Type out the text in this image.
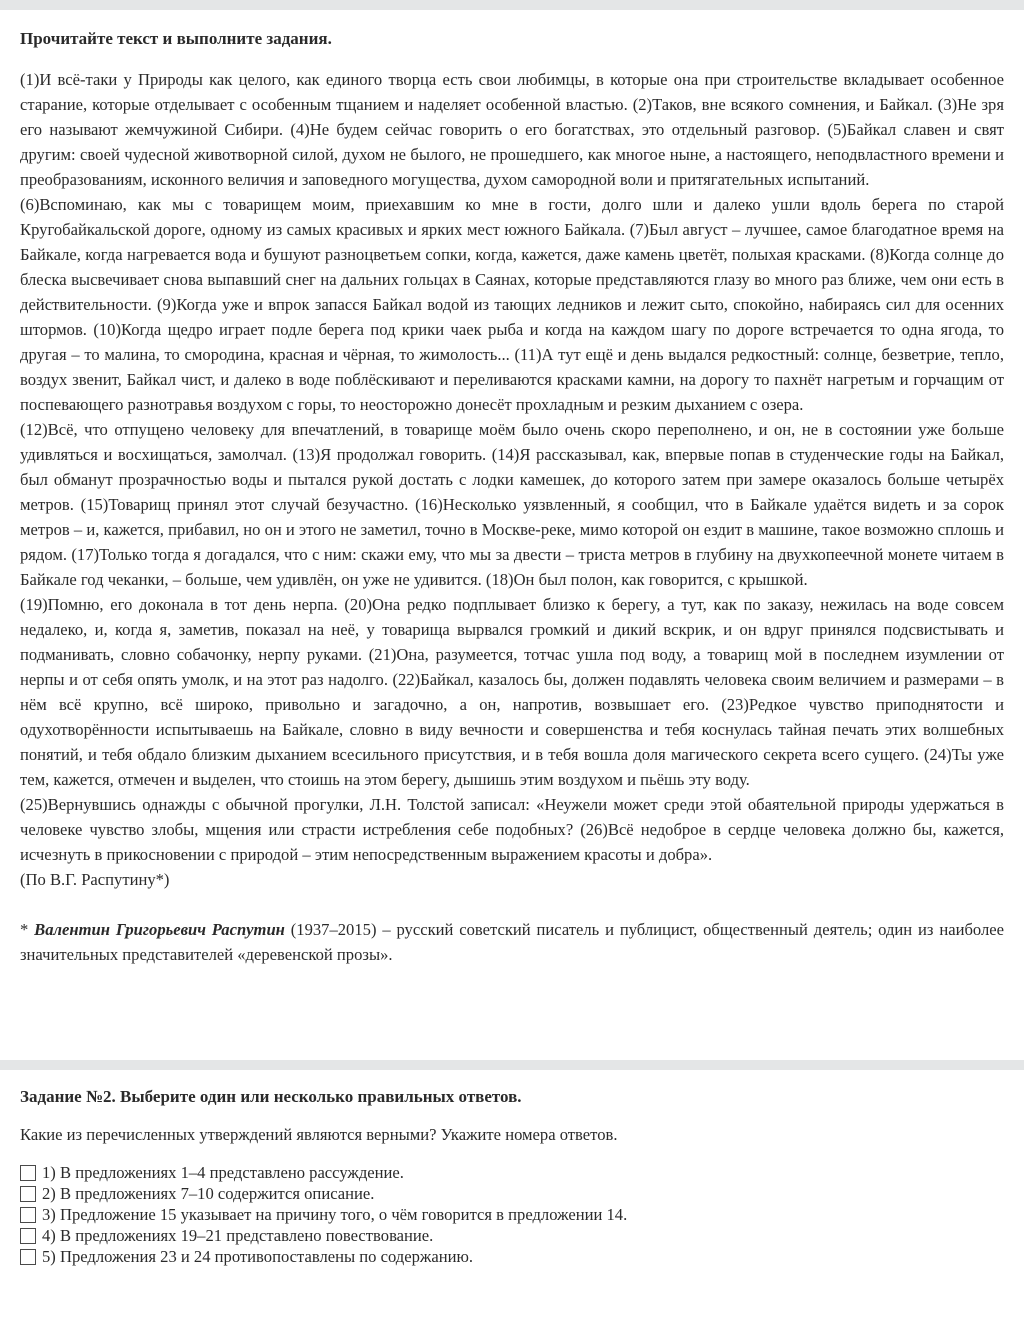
Прочитайте текст и выполните задания.

(1)И всё-таки у Природы как целого, как единого творца есть свои любимцы, в которые она при строительстве вкладывает особенное старание, которые отделывает с особенным тщанием и наделяет особенной властью. (2)Таков, вне всякого сомнения, и Байкал. (3)Не зря его называют жемчужиной Сибири. (4)Не будем сейчас говорить о его богатствах, это отдельный разговор. (5)Байкал славен и свят другим: своей чудесной животворной силой, духом не былого, не прошедшего, как многое ныне, а настоящего, неподвластного времени и преобразованиям, исконного величия и заповедного могущества, духом самородной воли и притягательных испытаний.

(6)Вспоминаю, как мы с товарищем моим, приехавшим ко мне в гости, долго шли и далеко ушли вдоль берега по старой Кругобайкальской дороге, одному из самых красивых и ярких мест южного Байкала. (7)Был август – лучшее, самое благодатное время на Байкале, когда нагревается вода и бушуют разноцветьем сопки, когда, кажется, даже камень цветёт, полыхая красками. (8)Когда солнце до блеска высвечивает снова выпавший снег на дальних гольцах в Саянах, которые представляются глазу во много раз ближе, чем они есть в действительности. (9)Когда уже и впрок запасся Байкал водой из тающих ледников и лежит сыто, спокойно, набираясь сил для осенних штормов. (10)Когда щедро играет подле берега под крики чаек рыба и когда на каждом шагу по дороге встречается то одна ягода, то другая – то малина, то смородина, красная и чёрная, то жимолость... (11)А тут ещё и день выдался редкостный: солнце, безветрие, тепло, воздух звенит, Байкал чист, и далеко в воде поблёскивают и переливаются красками камни, на дорогу то пахнёт нагретым и горчащим от поспевающего разнотравья воздухом с горы, то неосторожно донесёт прохладным и резким дыханием с озера.

(12)Всё, что отпущено человеку для впечатлений, в товарище моём было очень скоро переполнено, и он, не в состоянии уже больше удивляться и восхищаться, замолчал. (13)Я продолжал говорить. (14)Я рассказывал, как, впервые попав в студенческие годы на Байкал, был обманут прозрачностью воды и пытался рукой достать с лодки камешек, до которого затем при замере оказалось больше четырёх метров. (15)Товарищ принял этот случай безучастно. (16)Несколько уязвленный, я сообщил, что в Байкале удаётся видеть и за сорок метров – и, кажется, прибавил, но он и этого не заметил, точно в Москве-реке, мимо которой он ездит в машине, такое возможно сплошь и рядом. (17)Только тогда я догадался, что с ним: скажи ему, что мы за двести – триста метров в глубину на двухкопеечной монете читаем в Байкале год чеканки, – больше, чем удивлён, он уже не удивится. (18)Он был полон, как говорится, с крышкой.

(19)Помню, его доконала в тот день нерпа. (20)Она редко подплывает близко к берегу, а тут, как по заказу, нежилась на воде совсем недалеко, и, когда я, заметив, показал на неё, у товарища вырвался громкий и дикий вскрик, и он вдруг принялся подсвистывать и подманивать, словно собачонку, нерпу руками. (21)Она, разумеется, тотчас ушла под воду, а товарищ мой в последнем изумлении от нерпы и от себя опять умолк, и на этот раз надолго. (22)Байкал, казалось бы, должен подавлять человека своим величием и размерами – в нём всё крупно, всё широко, привольно и загадочно, а он, напротив, возвышает его. (23)Редкое чувство приподнятости и одухотворённости испытываешь на Байкале, словно в виду вечности и совершенства и тебя коснулась тайная печать этих волшебных понятий, и тебя обдало близким дыханием всесильного присутствия, и в тебя вошла доля магического секрета всего сущего. (24)Ты уже тем, кажется, отмечен и выделен, что стоишь на этом берегу, дышишь этим воздухом и пьёшь эту воду.

(25)Вернувшись однажды с обычной прогулки, Л.Н. Толстой записал: «Неужели может среди этой обаятельной природы удержаться в человеке чувство злобы, мщения или страсти истребления себе подобных? (26)Всё недоброе в сердце человека должно бы, кажется, исчезнуть в прикосновении с природой – этим непосредственным выражением красоты и добра».

(По В.Г. Распутину*)

* Валентин Григорьевич Распутин (1937–2015) – русский советский писатель и публицист, общественный деятель; один из наиболее значительных представителей «деревенской прозы».

Задание №2. Выберите один или несколько правильных ответов.
Какие из перечисленных утверждений являются верными? Укажите номера ответов.
1) В предложениях 1–4 представлено рассуждение.
2) В предложениях 7–10 содержится описание.
3) Предложение 15 указывает на причину того, о чём говорится в предложении 14.
4) В предложениях 19–21 представлено повествование.
5) Предложения 23 и 24 противопоставлены по содержанию.
